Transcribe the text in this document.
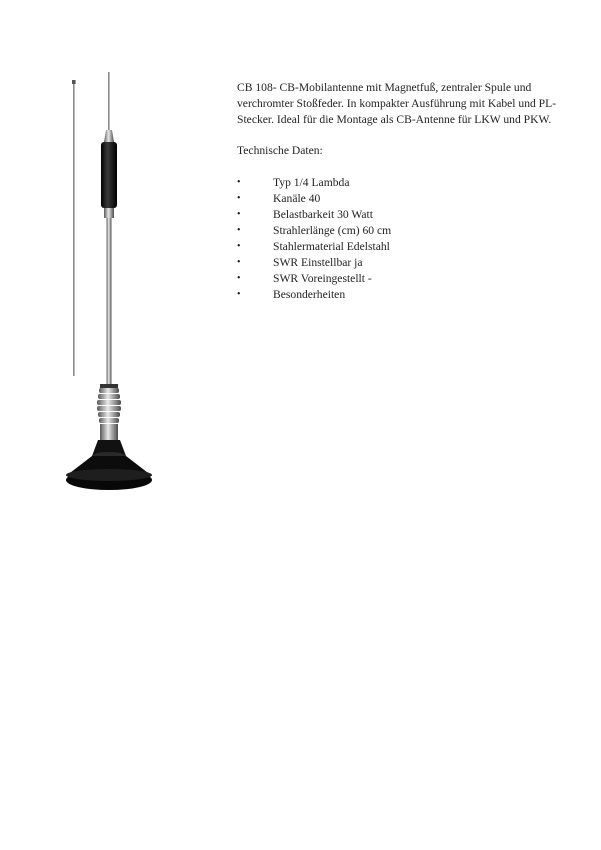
CB 108- CB-Mobilantenne mit Magnetfuß, zentraler Spule und verchromter Stoßfeder. In kompakter Ausführung mit Kabel und PL-Stecker. Ideal für die Montage als CB-Antenne für LKW und PKW.

Technische Daten:

•	Typ 1/4 Lambda
•	Kanäle 40
•	Belastbarkeit 30 Watt
•	Strahlerlänge (cm) 60 cm
•	Stahlermaterial Edelstahl
•	SWR Einstellbar ja
•	SWR Voreingestellt -
•	Besonderheiten
